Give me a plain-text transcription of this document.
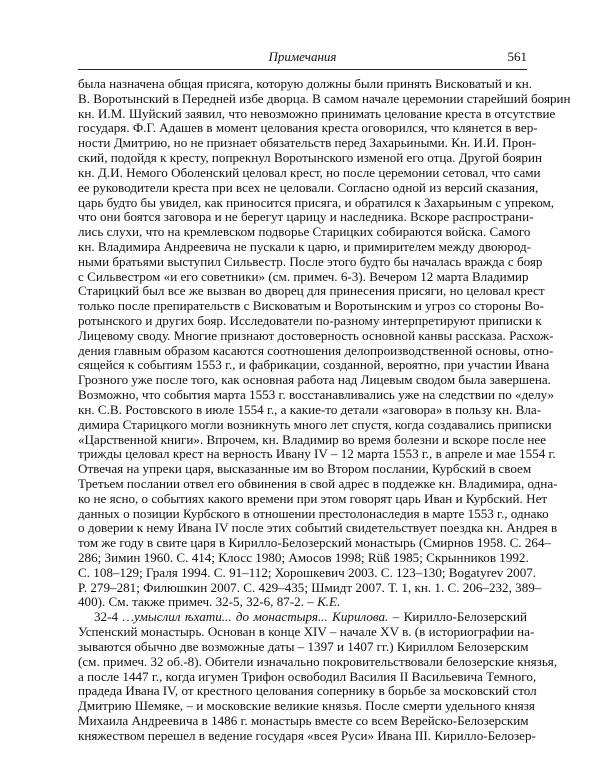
Примечания	561
была назначена общая присяга, которую должны были принять Висковатый и кн.
В. Воротынский в Передней избе дворца. В самом начале церемонии старейший боярин
кн. И.М. Шуйский заявил, что невозможно принимать целование креста в отсутствие
государя. Ф.Г. Адашев в момент целования креста оговорился, что клянется в вер-
ности Дмитрию, но не признает обязательств перед Захарьиными. Кн. И.И. Прон-
ский, подойдя к кресту, попрекнул Воротынского изменой его отца. Другой боярин
кн. Д.И. Немого Оболенский целовал крест, но после церемонии сетовал, что сами
ее руководители креста при всех не целовали. Согласно одной из версий сказания,
царь будто бы увидел, как приносится присяга, и обратился к Захарьиным с упреком,
что они боятся заговора и не берегут царицу и наследника. Вскоре распространи-
лись слухи, что на кремлевском подворье Старицких собираются войска. Самого
кн. Владимира Андреевича не пускали к царю, и примирителем между двоюрод-
ными братьями выступил Сильвестр. После этого будто бы началась вражда с бояр
с Сильвестром «и его советники» (см. примеч. 6-3). Вечером 12 марта Владимир
Старицкий был все же вызван во дворец для принесения присяги, но целовал крест
только после препирательств с Висковатым и Воротынским и угроз со стороны Во-
ротынского и других бояр. Исследователи по-разному интерпретируют приписки к
Лицевому своду. Многие признают достоверность основной канвы рассказа. Расхож-
дения главным образом касаются соотношения делопроизводственной основы, отно-
сящейся к событиям 1553 г., и фабрикации, созданной, вероятно, при участии Ивана
Грозного уже после того, как основная работа над Лицевым сводом была завершена.
Возможно, что события марта 1553 г. восстанавливались уже на следствии по «делу»
кн. С.В. Ростовского в июле 1554 г., а какие-то детали «заговора» в пользу кн. Вла-
димира Старицкого могли возникнуть много лет спустя, когда создавались приписки
«Царственной книги». Впрочем, кн. Владимир во время болезни и вскоре после нее
трижды целовал крест на верность Ивану IV – 12 марта 1553 г., в апреле и мае 1554 г.
Отвечая на упреки царя, высказанные им во Втором послании, Курбский в своем
Третьем послании отвел его обвинения в свой адрес в поддежке кн. Владимира, одна-
ко не ясно, о событиях какого времени при этом говорят царь Иван и Курбский. Нет
данных о позиции Курбского в отношении престолонаследия в марте 1553 г., однако
о доверии к нему Ивана IV после этих событий свидетельствует поездка кн. Андрея в
том же году в свите царя в Кирилло-Белозерский монастырь (Смирнов 1958. С. 264–
286; Зимин 1960. С. 414; Клосс 1980; Амосов 1998; Rüß 1985; Скрынников 1992.
С. 108–129; Граля 1994. С. 91–112; Хорошкевич 2003. С. 123–130; Bogatyrev 2007.
P. 279–281; Филюшкин 2007. С. 429–435; Шмидт 2007. Т. 1, кн. 1. С. 206–232, 389–
400). См. также примеч. 32-5, 32-6, 87-2. – К.Е.
32-4 …умыслил ѣхати... до монастыря... Кирилова. – Кирилло-Белозерский
Успенский монастырь. Основан в конце XIV – начале XV в. (в историографии на-
зываются обычно две возможные даты – 1397 и 1407 гг.) Кириллом Белозерским
(см. примеч. 32 об.-8). Обители изначально покровительствовали белозерские князья,
а после 1447 г., когда игумен Трифон освободил Василия II Васильевича Темного,
прадеда Ивана IV, от крестного целования сопернику в борьбе за московский стол
Дмитрию Шемяке, – и московские великие князья. После смерти удельного князя
Михаила Андреевича в 1486 г. монастырь вместе со всем Верейско-Белозерским
княжеством перешел в ведение государя «всея Руси» Ивана III. Кирилло-Белозер-
